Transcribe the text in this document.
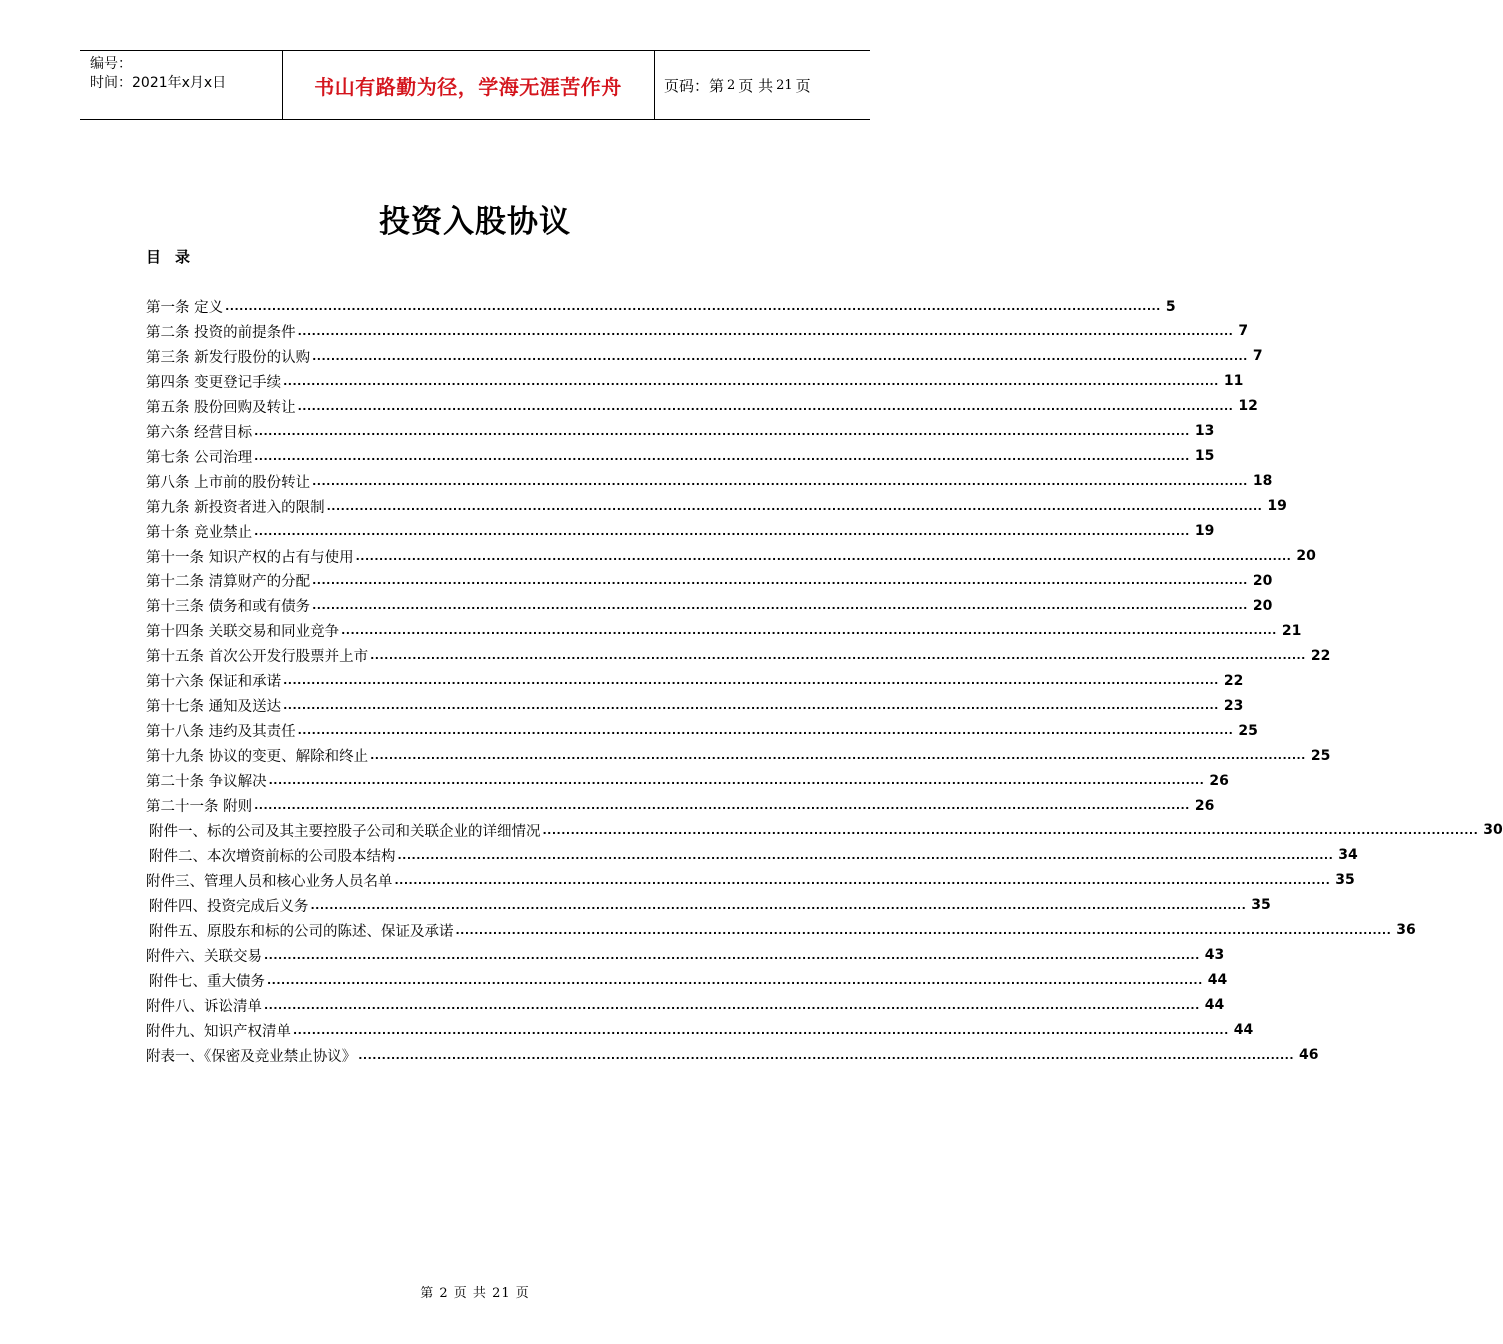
编号：
时间：2021年x月x日	书山有路勤为径，学海无涯苦作舟	页码：第 2 页 共 21 页
投资入股协议
目 录
第一条 定义 ........................................................................................................................................................................................................ 5
第二条 投资的前提条件 ........................................................................................................................................................................................................ 7
第三条 新发行股份的认购 ........................................................................................................................................................................................................ 7
第四条 变更登记手续 ........................................................................................................................................................................................................ 11
第五条 股份回购及转让 ........................................................................................................................................................................................................ 12
第六条 经营目标 ........................................................................................................................................................................................................ 13
第七条 公司治理 ........................................................................................................................................................................................................ 15
第八条 上市前的股份转让 ........................................................................................................................................................................................................ 18
第九条 新投资者进入的限制 ........................................................................................................................................................................................................ 19
第十条 竞业禁止 ........................................................................................................................................................................................................ 19
第十一条 知识产权的占有与使用 ........................................................................................................................................................................................................ 20
第十二条 清算财产的分配 ........................................................................................................................................................................................................ 20
第十三条 债务和或有债务 ........................................................................................................................................................................................................ 20
第十四条 关联交易和同业竞争 ........................................................................................................................................................................................................ 21
第十五条 首次公开发行股票并上市 ........................................................................................................................................................................................................ 22
第十六条 保证和承诺 ........................................................................................................................................................................................................ 22
第十七条 通知及送达 ........................................................................................................................................................................................................ 23
第十八条 违约及其责任 ........................................................................................................................................................................................................ 25
第十九条 协议的变更、解除和终止 ........................................................................................................................................................................................................ 25
第二十条 争议解决 ........................................................................................................................................................................................................ 26
第二十一条 附则 ........................................................................................................................................................................................................ 26
附件一、标的公司及其主要控股子公司和关联企业的详细情况 ........................................................................................................................................................................................................ 30
附件二、本次增资前标的公司股本结构 ........................................................................................................................................................................................................ 34
附件三、管理人员和核心业务人员名单 ........................................................................................................................................................................................................ 35
附件四、投资完成后义务 ........................................................................................................................................................................................................ 35
附件五、原股东和标的公司的陈述、保证及承诺 ........................................................................................................................................................................................................ 36
附件六、关联交易 ........................................................................................................................................................................................................ 43
附件七、重大债务 ........................................................................................................................................................................................................ 44
附件八、诉讼清单 ........................................................................................................................................................................................................ 44
附件九、知识产权清单 ........................................................................................................................................................................................................ 44
附表一、《保密及竞业禁止协议》 ........................................................................................................................................................................................................ 46
第 2 页 共 21 页
